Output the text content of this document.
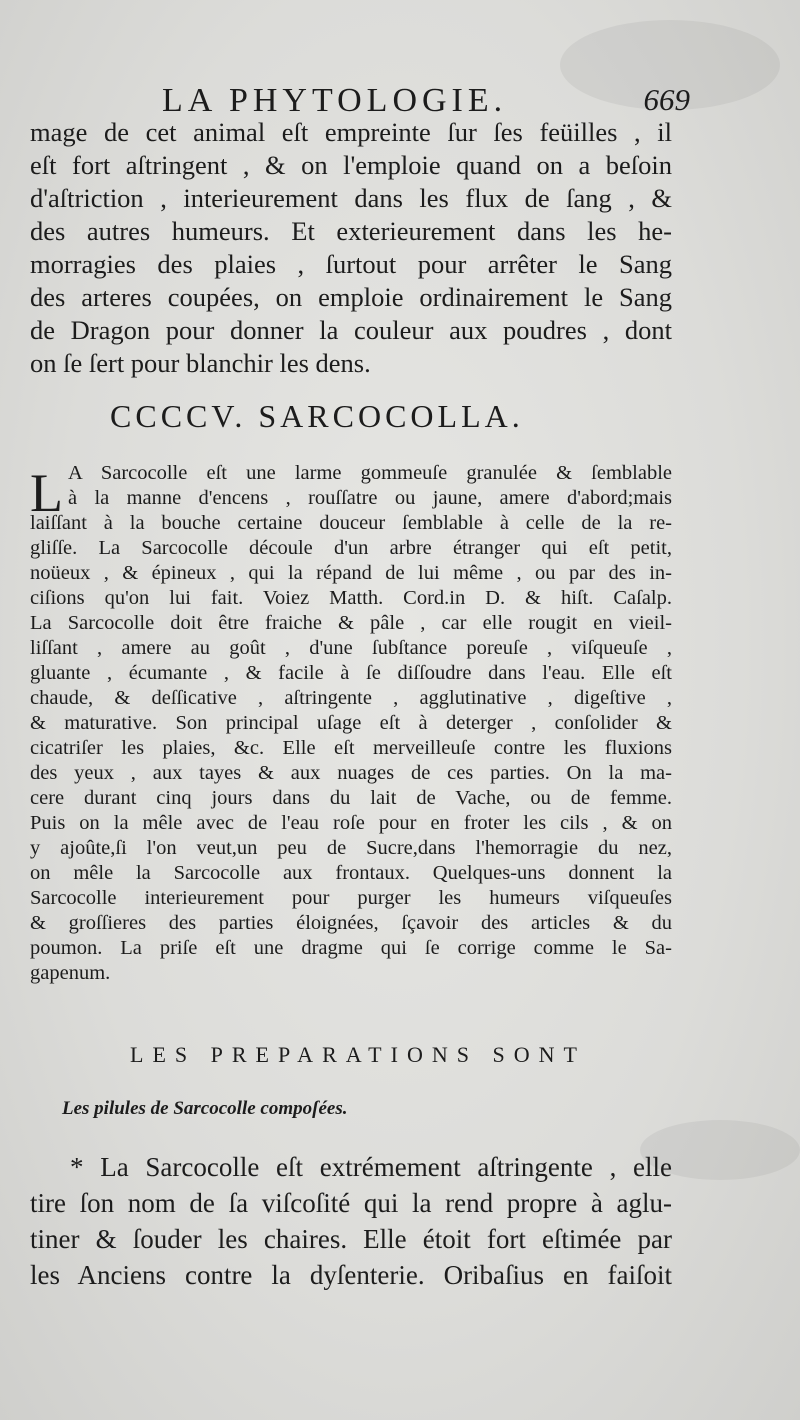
LA PHYTOLOGIE.	669
mage de cet animal eſt empreinte ſur ſes feüilles , il
eſt fort aſtringent , & on l'emploie quand on a beſoin
d'aſtriction , interieurement dans les flux de ſang , &
des autres humeurs. Et exterieurement dans les he-
morragies des plaies , ſurtout pour arrêter le Sang
des arteres coupées, on emploie ordinairement le Sang
de Dragon pour donner la couleur aux poudres , dont
on ſe ſert pour blanchir les dens.
CCCCV. SARCOCOLLA.
L A Sarcocolle eſt une larme gommeuſe granulée & ſemblable
à la manne d'encens , rouſſatre ou jaune, amere d'abord;mais
laiſſant à la bouche certaine douceur ſemblable à celle de la re-
gliſſe. La Sarcocolle découle d'un arbre étranger qui eſt petit,
noüeux , & épineux , qui la répand de lui même , ou par des in-
ciſions qu'on lui fait. Voiez Matth. Cord.in D. & hiſt. Caſalp.
La Sarcocolle doit être fraiche & pâle , car elle rougit en vieil-
liſſant , amere au goût , d'une ſubſtance poreuſe , viſqueuſe ,
gluante , écumante , & facile à ſe diſſoudre dans l'eau. Elle eſt
chaude, & deſſicative , aſtringente , agglutinative , digeſtive ,
& maturative. Son principal uſage eſt à deterger , conſolider &
cicatriſer les plaies, &c. Elle eſt merveilleuſe contre les fluxions
des yeux , aux tayes & aux nuages de ces parties. On la ma-
cere durant cinq jours dans du lait de Vache, ou de femme.
Puis on la mêle avec de l'eau roſe pour en froter les cils , & on
y ajoûte,ſi l'on veut,un peu de Sucre,dans l'hemorragie du nez,
on mêle la Sarcocolle aux frontaux. Quelques-uns donnent la
Sarcocolle interieurement pour purger les humeurs viſqueuſes
& groſſieres des parties éloignées, ſçavoir des articles & du
poumon. La priſe eſt une dragme qui ſe corrige comme le Sa-
gapenum.
LES PREPARATIONS SONT
Les pilules de Sarcocolle compoſées.
* La Sarcocolle eſt extrémement aſtringente , elle
tire ſon nom de ſa viſcoſité qui la rend propre à aglu-
tiner & ſouder les chaires. Elle étoit fort eſtimée par
les Anciens contre la dyſenterie. Oribaſius en faiſoit
